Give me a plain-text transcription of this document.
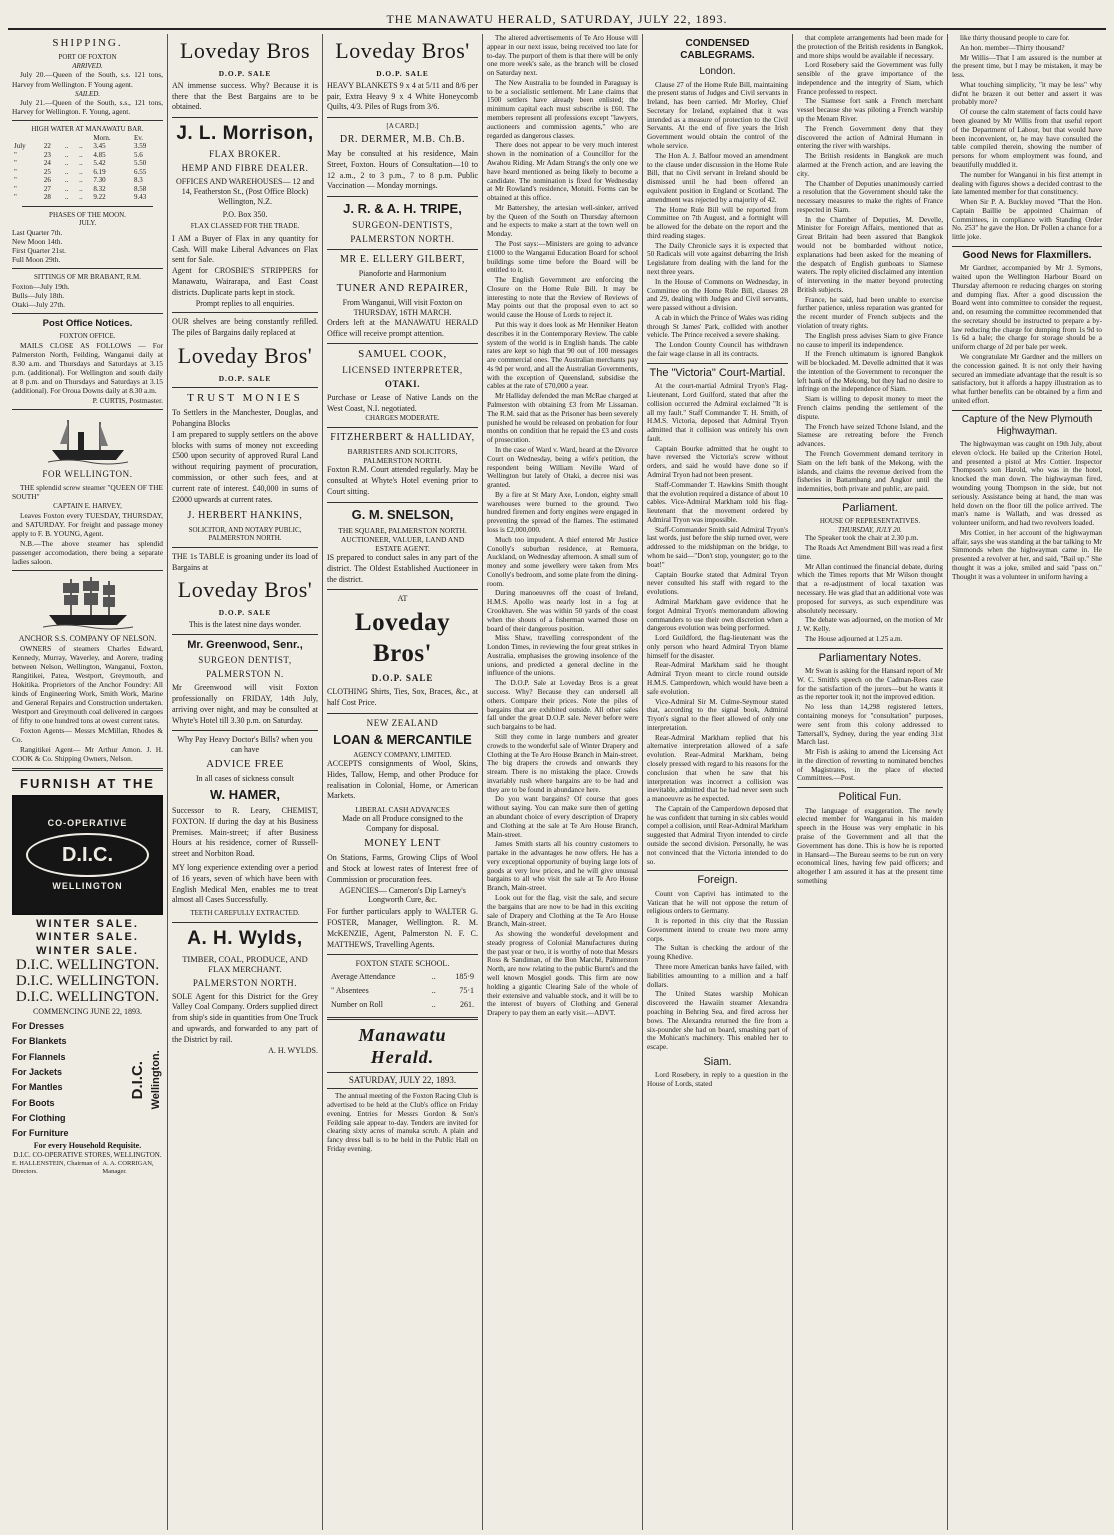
THE MANAWATU HERALD, SATURDAY, JULY 22, 1893.
SHIPPING.
PORT OF FOXTON
ARRIVED.

July 20.—Queen of the South, s.s. 121 tons, Harvey from Wellington. F Young agent.

SAILED.

July 21.—Queen of the South, s.s., 121 tons, Harvey for Wellington. F. Young, agent.

HIGH WATER AT MANAWATU BAR.
				Morn.	Ev.
July	22	..	..	3.45	3.59
"	23	..	..	4.85	5.6
"	24	..	..	5.42	5.50
"	25	..	..	6.19	6.55
"	26	..	..	7.30	8.3
"	27	..	..	8.32	8.58
"	28	..	..	9.22	9.43
PHASES OF THE MOON.
JULY.
Last Quarter 7th.
New Moon 14th.
First Quarter 21st.
Full Moon 29th.
SITTINGS OF MR BRABANT, R.M.
Foxton—July 19th.
Bulls—July 18th.
Otaki—July 27th.
Post Office Notices.
FOXTON OFFICE.

MAILS CLOSE AS FOLLOWS — For Palmerston North, Feilding, Wanganui daily at 8.30 a.m. and Thursdays and Saturdays at 3.15 p.m. (additional). For Wellington and south daily at 8 p.m. and on Thursdays and Saturdays at 3.15 (additional). For Oroua Downs daily at 8.30 a.m.

P. CURTIS, Postmaster.
FOR WELLINGTON.

THE splendid screw steamer "QUEEN OF THE SOUTH"

CAPTAIN E. HARVEY,

Leaves Foxton every TUESDAY, THURSDAY, and SATURDAY. For freight and passage money apply to F. B. YOUNG, Agent.

N.B.—The above steamer has splendid passenger accomodation, there being a separate ladies saloon.

ANCHOR S.S. COMPANY OF NELSON.

OWNERS of steamers Charles Edward, Kennedy, Murray, Waverley, and Aorere, trading between Nelson, Wellington, Wanganui, Foxton, Rangitikei, Patea, Westport, Greymouth, and Hokitika. Proprietors of the Anchor Foundry: All kinds of Engineering Work, Smith Work, Marine and General Repairs and Construction undertaken. Westport and Greymouth coal delivered in cargoes of fifty to one hundred tons at owest current rates.

Foxton Agents— Messrs McMillan, Rhodes & Co.

Rangitikei Agent— Mr Arthur Amon. J. H. COOK & Co. Shipping Owners, Nelson.

FURNISH AT THE
CO-OPERATIVE
D.I.C.
WELLINGTON
WINTER SALE.
WINTER SALE.
WINTER SALE.
D.I.C. WELLINGTON.
D.I.C. WELLINGTON.
D.I.C. WELLINGTON.
COMMENCING JUNE 22, 1893.
For Dresses
For Blankets
For Flannels
For Jackets
For Mantles
For Boots
For Clothing
For Furniture
D.I.C. Wellington.
For every Household Requisite.
D.I.C. CO-OPERATIVE STORES, WELLINGTON.
E. HALLENSTEIN, Chairman of Directors.
A. A. CORRIGAN, Manager.
Loveday Bros
D.O.P. SALE
AN immense success. Why? Because it is there that the Best Bargains are to be obtained.
J. L. Morrison,
FLAX BROKER.
HEMP AND FIBRE DEALER.
OFFICES AND WAREHOUSES— 12 and 14, Featherston St., (Post Office Block) Wellington, N.Z.
P.O. Box 350.
FLAX CLASSED FOR THE TRADE.
I AM a Buyer of Flax in any quantity for Cash. Will make Liberal Advances on Flax sent for Sale.
Agent for CROSBIE'S STRIPPERS for Manawatu, Wairarapa, and East Coast districts. Duplicate parts kept in stock.
Prompt replies to all enquiries.
OUR shelves are being constantly refilled. The piles of Bargains daily replaced at
Loveday Bros'
D.O.P. SALE
TRUST MONIES
To Settlers in the Manchester, Douglas, and Pohangina Blocks
I am prepared to supply settlers on the above blocks with sums of money not exceeding £500 upon security of approved Rural Land without requiring payment of procuration, commission, or other such fees, and at current rate of interest. £40,000 in sums of £2000 upwards at current rates.
J. HERBERT HANKINS,
SOLICITOR, AND NOTARY PUBLIC, PALMERSTON NORTH.
THE 1s TABLE is groaning under its load of Bargains at
Loveday Bros'
D.O.P. SALE
This is the latest nine days wonder.
Mr. Greenwood, Senr.,
SURGEON DENTIST,
PALMERSTON N.
Mr Greenwood will visit Foxton professionally on FRIDAY, 14th July, arriving over night, and may be consulted at Whyte's Hotel till 3.30 p.m. on Saturday.
Why Pay Heavy Doctor's Bills? when you can have
ADVICE FREE
In all cases of sickness consult
W. HAMER,
Successor to R. Leary, CHEMIST, FOXTON. If during the day at his Business Premises. Main-street; if after Business Hours at his residence, corner of Russell-street and Norbiton Road.
MY long experience extending over a period of 16 years, seven of which have been with English Medical Men, enables me to treat almost all Cases Successfully.
TEETH CAREFULLY EXTRACTED.
A. H. Wylds,
TIMBER, COAL, PRODUCE, AND FLAX MERCHANT.
PALMERSTON NORTH.
SOLE Agent for this District for the Grey Valley Coal Company. Orders supplied direct from ship's side in quantities from One Truck and upwards, and forwarded to any part of the District by rail.
A. H. WYLDS.
Loveday Bros'
D.O.P. SALE
HEAVY BLANKETS 9 x 4 at 5/11 and 8/6 per pair, Extra Heavy 9 x 4 White Honeycomb Quilts, 4/3. Piles of Rugs from 3/6.
[A CARD.]
DR. DERMER, M.B. Ch.B.
May be consulted at his residence, Main Street, Foxton. Hours of Consultation—10 to 12 a.m., 2 to 3 p.m., 7 to 8 p.m. Public Vaccination — Monday mornings.
J. R. & A. H. TRIPE,
SURGEON-DENTISTS,
PALMERSTON NORTH.
MR E. ELLERY GILBERT,
Pianoforte and Harmonium
TUNER AND REPAIRER,
From Wanganui, Will visit Foxton on THURSDAY, 16TH MARCH.
Orders left at the MANAWATU HERALD Office will receive prompt attention.
SAMUEL COOK,
LICENSED INTERPRETER,
OTAKI.
Purchase or Lease of Native Lands on the West Coast, N.I. negotiated.
CHARGES MODERATE.
FITZHERBERT & HALLIDAY,
BARRISTERS AND SOLICITORS, PALMERSTON NORTH.
Foxton R.M. Court attended regularly. May be consulted at Whyte's Hotel evening prior to Court sitting.
G. M. SNELSON,
THE SQUARE, PALMERSTON NORTH.
AUCTIONEER, VALUER, LAND AND ESTATE AGENT.
IS prepared to conduct sales in any part of the district. The Oldest Established Auctioneer in the district.
AT
Loveday Bros'
D.O.P. SALE
CLOTHING Shirts, Ties, Sox, Braces, &c., at half Cost Price.
NEW ZEALAND
LOAN & MERCANTILE
AGENCY COMPANY, LIMITED.
ACCEPTS consignments of Wool, Skins, Hides, Tallow, Hemp, and other Produce for realisation in Colonial, Home, or American Markets.
LIBERAL CASH ADVANCES
Made on all Produce consigned to the Company for disposal.
MONEY LENT
On Stations, Farms, Growing Clips of Wool and Stock at lowest rates of Interest free of Commission or procuration fees.
AGENCIES— Cameron's Dip Larney's Longworth Cure, &c.
For further particulars apply to WALTER G. FOSTER, Manager, Wellington. R. M. McKENZIE, Agent, Palmerston N. F. C. MATTHEWS, Travelling Agents.
FOXTON STATE SCHOOL.
Average Attendance	..	185·9
" Absentees	..	75·1
Number on Roll	..	261.
Manawatu Herald.
SATURDAY, JULY 22, 1893.

The annual meeting of the Foxton Racing Club is advertised to be held at the Club's office on Friday evening. Entries for Messrs Gordon & Son's Feilding sale appear to-day. Tenders are invited for clearing sixty acres of manuka scrub. A plain and fancy dress ball is to be held in the Public Hall on Friday evening.

The altered advertisements of Te Aro House will appear in our next issue, being received too late for to-day. The purport of them is that there will be only one more week's sale, as the branch will be closed on Saturday next.

The New Australia to be founded in Paraguay is to be a socialistic settlement. Mr Lane claims that 1500 settlers have already been enlisted; the minimum capital each must subscribe is £60. The members represent all professions except "lawyers, auctioneers and commission agents," who are regarded as dangerous classes.

There does not appear to be very much interest shown in the nomination of a Councillor for the Awahou Riding. Mr Adam Strang's the only one we have heard mentioned as being likely to become a candidate. The nomination is fixed for Wednesday at Mr Rowland's residence, Motuiti. Forms can be obtained at this office.

Mr Battershey, the artesian well-sinker, arrived by the Queen of the South on Thursday afternoon and he expects to make a start at the town well on Monday.

The Post says:—Ministers are going to advance £1000 to the Wanganui Education Board for school buildings some time before the Board will be entitled to it.

The English Government are enforcing the Closure on the Home Rule Bill. It may be interesting to note that the Review of Reviews of May points out that the proposal even to act so would cause the House of Lords to reject it.

Put this way it does look as Mr Henniker Heaton describes it in the Contemporary Review. The cable system of the world is in English hands. The cable rates are kept so high that 90 out of 100 messages are commercial ones. The Australian merchants pay 4s 9d per word, and all the Australian Governments, with the exception of Queensland, subsidise the cables at the rate of £70,000 a year.

Mr Halliday defended the man McRae charged at Palmerston with obtaining £3 from Mr Lissaman. The R.M. said that as the Prisoner has been severely punished he would be released on probation for four months on condition that he repaid the £3 and costs of prosecution.

In the case of Ward v. Ward, heard at the Divorce Court on Wednesday, being a wife's petition, the respondent being William Neville Ward of Wellington but lately of Otaki, a decree nisi was granted.

By a fire at St Mary Axe, London, eighty small warehouses were burned to the ground. Two hundred firemen and forty engines were engaged in preventing the spread of the flames. The estimated loss is £2,000,000.

Much too impudent. A thief entered Mr Justice Conolly's suburban residence, at Remuera, Auckland, on Wednesday afternoon. A small sum of money and some jewellery were taken from Mrs Conolly's bedroom, and some plate from the dining-room.

During manoeuvres off the coast of Ireland, H.M.S. Apollo was nearly lost in a fog at Crookhaven. She was within 50 yards of the coast when the shouts of a fisherman warned those on board of their dangerous position.

Miss Shaw, travelling correspondent of the London Times, in reviewing the four great strikes in Australia, emphasises the growing insolence of the unions, and predicted a general decline in the influence of the unions.

The D.O.P. Sale at Loveday Bros is a great success. Why? Because they can undersell all others. Compare their prices. Note the piles of bargains that are exhibited outside. All other sales fall under the great D.O.P. sale. Never before were such bargains to be had.

Still they come in large numbers and greater crowds to the wonderful sale of Winter Drapery and Clothing at the Te Aro House Branch in Main-street. The big drapers the crowds and onwards they stream. There is no mistaking the place. Crowds invariably rush where bargains are to be had and they are to be found in abundance here.

Do you want bargains? Of course that goes without saying. You can make sure then of getting an abundant choice of every description of Drapery and Clothing at the sale at Te Aro House Branch, Main-street.

James Smith starts all his country customers to partake in the advantages he now offers. He has a very exceptional opportunity of buying large lots of goods at very low prices, and he will give unusual bargains to all who visit the sale at Te Aro House Branch, Main-street.

Look out for the flag, visit the sale, and secure the bargains that are now to be had in this exciting sale of Drapery and Clothing at the Te Aro House Branch, Main-street.

As showing the wonderful development and steady progress of Colonial Manufactures during the past year or two, it is worthy of note that Messrs Ross & Sandiman, of the Bon Marché, Palmerston North, are now relating to the public Burnt's and the well known Mosgiel goods. This firm are now holding a gigantic Clearing Sale of the whole of their extensive and valuable stock, and it will be to the interest of buyers of Clothing and General Drapery to pay them an early visit.—ADVT.

CONDENSED CABLEGRAMS.
London.

Clause 27 of the Home Rule Bill, maintaining the present status of Judges and Civil servants in Ireland, has been carried. Mr Morley, Chief Secretary for Ireland, explained that it was intended as a measure of protection to the Civil Servants. At the end of five years the Irish Government would obtain the control of the whole service.

The Hon A. J. Balfour moved an amendment to the clause under discussion in the Home Rule Bill, that no Civil servant in Ireland should be dismissed until he had been offered an equivalent position in England or Scotland. The amendment was rejected by a majority of 42.

The Home Rule Bill will be reported from Committee on 7th August, and a fortnight will be allowed for the debate on the report and the third reading stages.

The Daily Chronicle says it is expected that 50 Radicals will vote against debarring the Irish Legislature from dealing with the land for the next three years.

In the House of Commons on Wednesday, in Committee on the Home Rule Bill, clauses 28 and 29, dealing with Judges and Civil servants, were passed without a division.

A cab in which the Prince of Wales was riding through St James' Park, collided with another vehicle. The Prince received a severe shaking.

The London County Council has withdrawn the fair wage clause in all its contracts.

The "Victoria" Court-Martial.

At the court-martial Admiral Tryon's Flag-Lieutenant, Lord Guilford, stated that after the collision occurred the Admiral exclaimed "It is all my fault." Staff Commander T. H. Smith, of H.M.S. Victoria, deposed that Admiral Tryon admitted that it collision was entirely his own fault.

Captain Bourke admitted that he ought to have reversed the Victoria's screw without orders, and said he would have done so if Admiral Tryon had not been present.

Staff-Commander T. Hawkins Smith thought that the evolution required a distance of about 10 cables. Vice-Admiral Markham told his flag-lieutenant that the movement ordered by Admiral Tryon was impossible.

Staff-Commander Smith said Admiral Tryon's last words, just before the ship turned over, were addressed to the midshipman on the bridge, to whom he said—"Don't stop, youngster; go to the boat!"

Captain Bourke stated that Admiral Tryon never consulted his staff with regard to the evolutions.

Admiral Markham gave evidence that he forgot Admiral Tryon's memorandum allowing commanders to use their own discretion when a dangerous evolution was being performed.

Lord Guildford, the flag-lieutenant was the only person who heard Admiral Tryon blame himself for the disaster.

Rear-Admiral Markham said he thought Admiral Tryon meant to circle round outside H.M.S. Camperdown, which would have been a safe evolution.

Vice-Admiral Sir M. Culme-Seymour stated that, according to the signal book, Admiral Tryon's signal to the fleet allowed of only one interpretation.

Rear-Admiral Markham replied that his alternative interpretation allowed of a safe evolution. Rear-Admiral Markham, being closely pressed with regard to his reasons for the conclusion that when he saw that his interpretation was incorrect a collision was inevitable, admitted that he had never seen such a manoeuvre as he expected.

The Captain of the Camperdown deposed that he was confident that turning in six cables would compel a collision, until Rear-Admiral Markham suggested that Admiral Tryon intended to circle outside the second division. Personally, he was not convinced that the Victoria intended to do so.

Foreign.

Count von Caprivi has intimated to the Vatican that he will not oppose the return of religious orders to Germany.

It is reported in this city that the Russian Government intend to create two more army corps.

The Sultan is checking the ardour of the young Khedive.

Three more American banks have failed, with liabilities amounting to a million and a half dollars.

The United States warship Mohican discovered the Hawaiin steamer Alexandra poaching in Behring Sea, and fired across her bows. The Alexandra returned the fire from a six-pounder she had on board, smashing part of the Mohican's machinery. This enabled her to escape.

Siam.

Lord Rosebery, in reply to a question in the House of Lords, stated

that complete arrangements had been made for the protection of the British residents in Bangkok, and more ships would be available if necessary.

Lord Rosebery said the Government was fully sensible of the grave importance of the independence and the integrity of Siam, which France professed to respect.

The Siamese fort sank a French merchant vessel because she was piloting a French warship up the Menam River.

The French Government deny that they discovered the action of Admiral Humann in entering the river with warships.

The British residents in Bangkok are much alarmed at the French action, and are leaving the city.

The Chamber of Deputies unanimously carried a resolution that the Government should take the necessary measures to make the rights of France respected in Siam.

In the Chamber of Deputies, M. Develle, Minister for Foreign Affairs, mentioned that as Great Britain had been assured that Bangkok would not be bombarded without notice, explanations had been asked for the meaning of the despatch of English gunboats to Siamese waters. The reply elicited disclaimed any intention of intervening in the matter beyond protecting British subjects.

France, he said, had been unable to exercise further patience, unless reparation was granted for the recent murder of French subjects and the violation of treaty rights.

The English press advises Siam to give France no cause to imperil its independence.

If the French ultimatum is ignored Bangkok will be blockaded. M. Develle admitted that it was the intention of the Government to reconquer the left bank of the Mekong, but they had no desire to infringe on the independence of Siam.

Siam is willing to deposit money to meet the French claims pending the settlement of the dispute.

The French have seized Tchone Island, and the Siamese are retreating before the French advances.

The French Government demand territory in Siam on the left bank of the Mekong, with the islands, and claims the revenue derived from the fisheries in Battambang and Angkor until the indemnities, both private and public, are paid.

Parliament.
HOUSE OF REPRESENTATIVES.
THURSDAY, JULY 20.

The Speaker took the chair at 2.30 p.m.

The Roads Act Amendment Bill was read a first time.

Mr Allan continued the financial debate, during which the Times reports that Mr Wilson thought that a re-adjustment of local taxation was necessary. He was glad that an additional vote was proposed for surveys, as such expenditure was absolutely necessary.

The debate was adjourned, on the motion of Mr J. W. Kelly.

The House adjourned at 1.25 a.m.

Parliamentary Notes.

Mr Swan is asking for the Hansard report of Mr W. C. Smith's speech on the Cadman-Rees case for the satisfaction of the jurors—but he wants it as the reporter took it; not the improved edition.

No less than 14,298 registered letters, containing moneys for "consultation" purposes, were sent from this colony addressed to Tattersall's, Sydney, during the year ending 31st March last.

Mr Fish is asking to amend the Licensing Act in the direction of reverting to nominated benches of Magistrates, in the place of elected Committees.—Post.

Political Fun.

The language of exaggeration. The newly elected member for Wanganui in his maiden speech in the House was very emphatic in his praise of the Government and all that the Government has done. This is how he is reported in Hansard—The Bureau seems to be run on very economical lines, having few paid officers; and altogether I am assured it has at the present time something

like thirty thousand people to care for.

An hon. member—Thirty thousand?

Mr Willis—That I am assured is the number at the present time, but I may be mistaken, it may be less.

What touching simplicity, "it may be less" why did'nt he brazen it out better and assert it was probably more?

Of course the calm statement of facts could have been gleaned by Mr Willis from that useful report of the Department of Labour, but that would have been inconvenient, or, he may have consulted the table compiled therein, showing the number of persons for whom employment was found, and beautifully muddled it.

The number for Wanganui in his first attempt in dealing with figures shows a decided contrast to the late lamented member for that constituency.

When Sir P. A. Buckley moved "That the Hon. Captain Baillie be appointed Chairman of Committees, in compliance with Standing Order No. 253" he gave the Hon. Dr Pollen a chance for a little joke.

Good News for Flaxmillers.

Mr Gardner, accompanied by Mr J. Symons, waited upon the Wellington Harbour Board on Thursday afternoon re reducing charges on storing and dumping flax. After a good discussion the Board went into committee to consider the request, and, on resuming the committee recommended that the secretary should be instructed to prepare a by-law reducing the charge for dumping from 1s 9d to 1s 6d a bale; the charge for storage should be a uniform charge of 2d per bale per week.

We congratulate Mr Gardner and the millers on the concession gained. It is not only their having secured an immediate advantage that the result is so satisfactory, but it affords a happy illustration as to what further benefits can be obtained by a firm and united effort.

Capture of the New Plymouth Highwayman.

The highwayman was caught on 19th July, about eleven o'clock. He bailed up the Criterion Hotel, and presented a pistol at Mrs Cottier. Inspector Thompson's son Harold, who was in the hotel, knocked the man down. The highwayman fired, wounding young Thompson in the side, but not seriously. Assistance being at hand, the man was held down on the floor till the police arrived. The man's name is Wallath, and was dressed as volunteer uniform, and had two revolvers loaded.

Mrs Cottier, in her account of the highwayman affair, says she was standing at the bar talking to Mr Simmonds when the highwayman came in. He presented a revolver at her, and said, "Bail up." She thought it was a joke, smiled and said "pass on." Thought it was a volunteer in uniform having a
